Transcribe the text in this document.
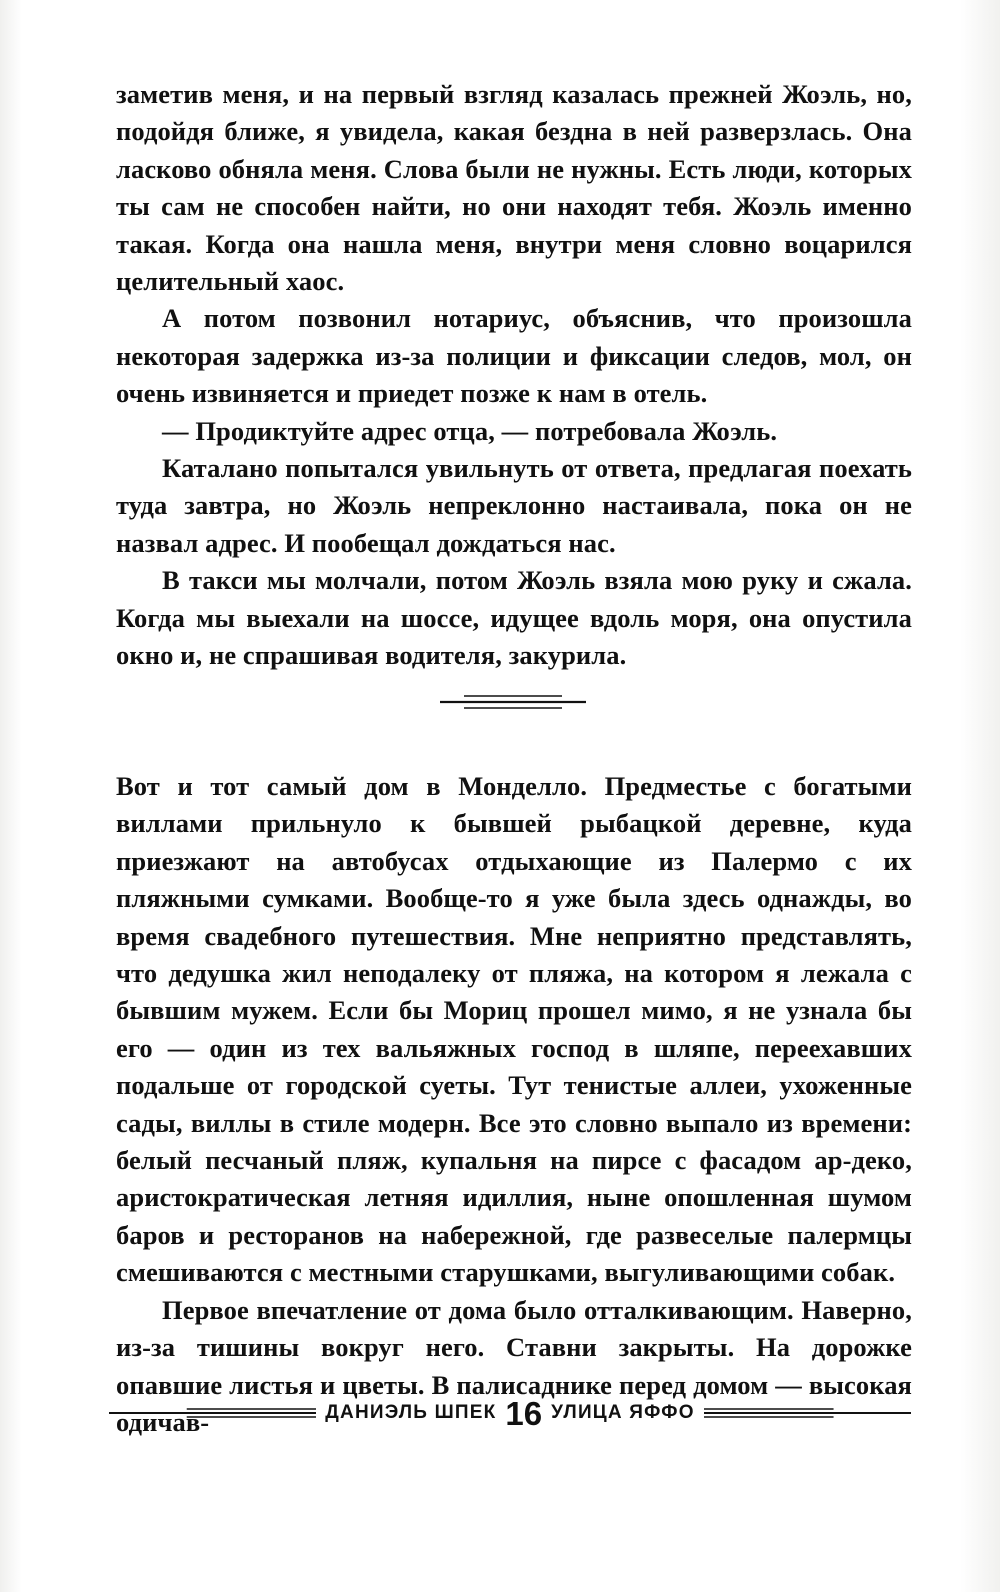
заметив меня, и на первый взгляд казалась прежней Жоэль, но, подойдя ближе, я увидела, какая бездна в ней разверзлась. Она ласково обняла меня. Слова были не нужны. Есть люди, которых ты сам не способен найти, но они находят тебя. Жоэль именно такая. Когда она нашла меня, внутри меня словно воцарился целительный хаос.

А потом позвонил нотариус, объяснив, что произошла некоторая задержка из-за полиции и фиксации следов, мол, он очень извиняется и приедет позже к нам в отель.

— Продиктуйте адрес отца, — потребовала Жоэль.

Каталано попытался увильнуть от ответа, предлагая поехать туда завтра, но Жоэль непреклонно настаивала, пока он не назвал адрес. И пообещал дождаться нас.

В такси мы молчали, потом Жоэль взяла мою руку и сжала. Когда мы выехали на шоссе, идущее вдоль моря, она опустила окно и, не спрашивая водителя, закурила.

Вот и тот самый дом в Монделло. Предместье с богатыми виллами прильнуло к бывшей рыбацкой деревне, куда приезжают на автобусах отдыхающие из Палермо с их пляжными сумками. Вообще-то я уже была здесь однажды, во время свадебного путешествия. Мне неприятно представлять, что дедушка жил неподалеку от пляжа, на котором я лежала с бывшим мужем. Если бы Мориц прошел мимо, я не узнала бы его — один из тех вальяжных господ в шляпе, переехавших подальше от городской суеты. Тут тенистые аллеи, ухоженные сады, виллы в стиле модерн. Все это словно выпало из времени: белый песчаный пляж, купальня на пирсе с фасадом ар-деко, аристократическая летняя идиллия, ныне опошленная шумом баров и ресторанов на набережной, где развеселые палермцы смешиваются с местными старушками, выгуливающими собак.

Первое впечатление от дома было отталкивающим. Наверно, из-за тишины вокруг него. Ставни закрыты. На дорожке опавшие листья и цветы. В палисаднике перед домом — высокая одичав-	ДАНИЭЛЬ ШПЕК 16 УЛИЦА ЯФФО
